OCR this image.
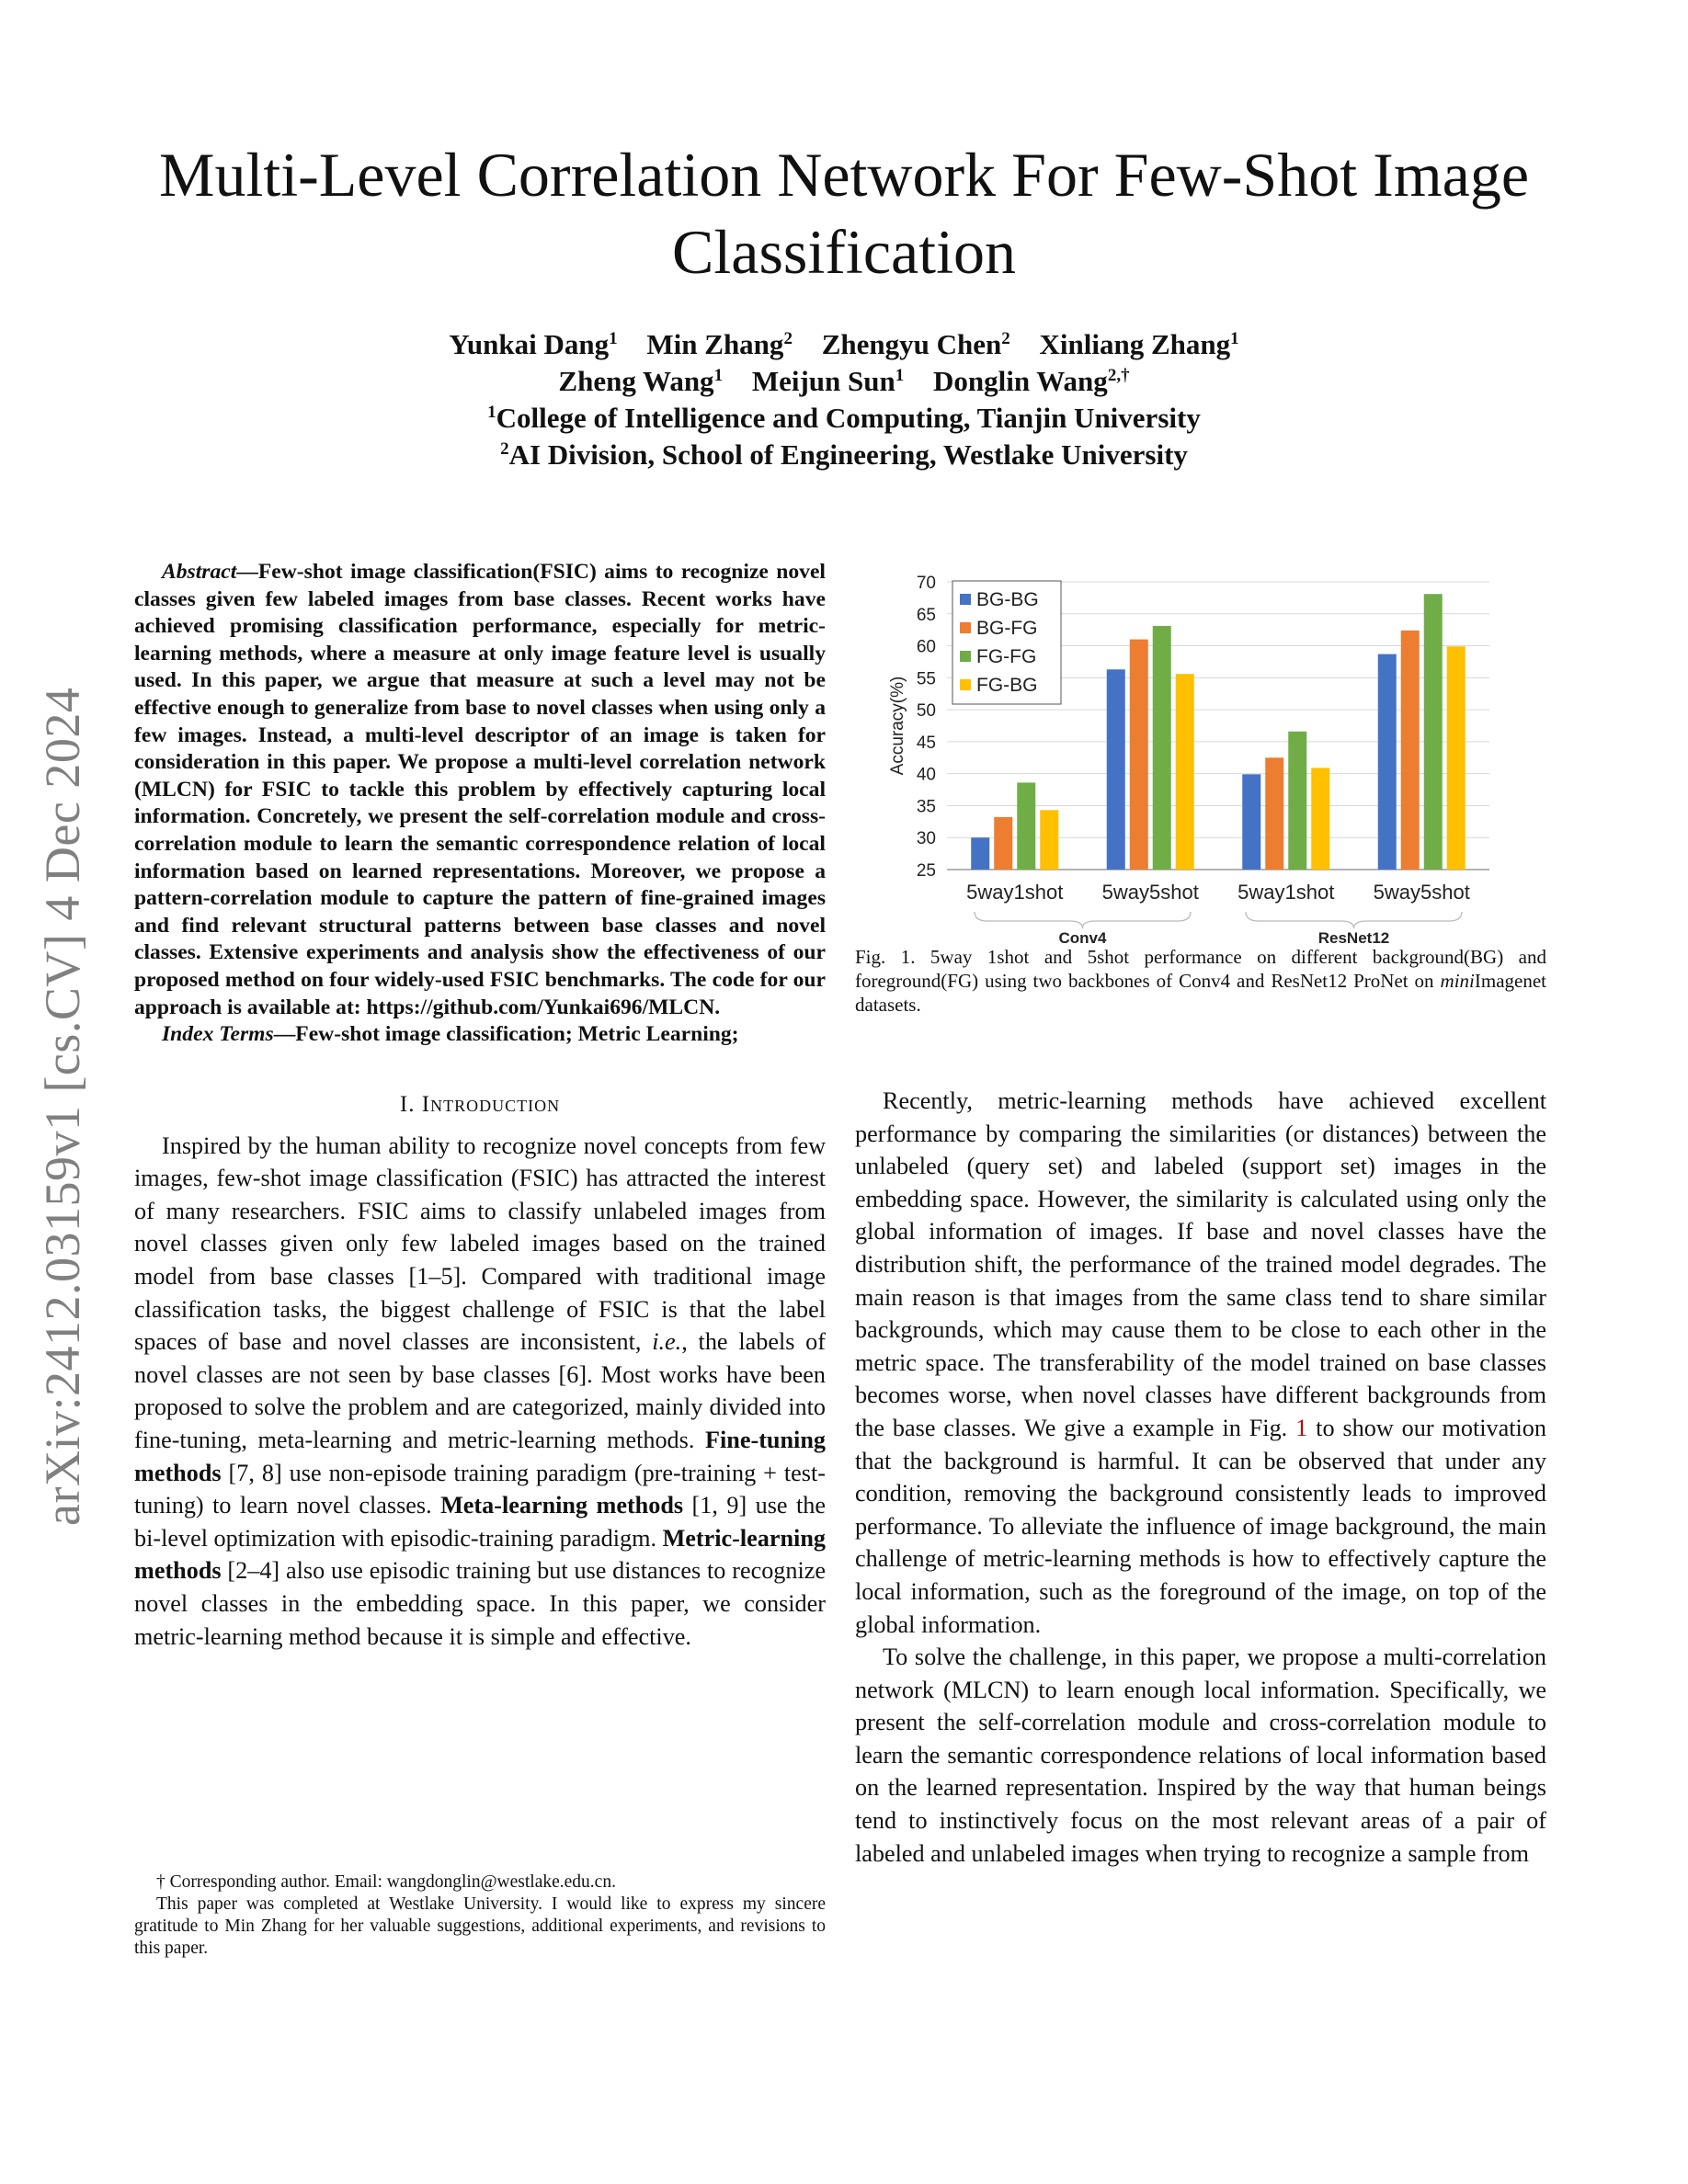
arXiv:2412.03159v1 [cs.CV] 4 Dec 2024
Multi-Level Correlation Network For Few-Shot Image Classification
Yunkai Dang$^1$ Min Zhang$^2$ Zhengyu Chen$^2$ Xinliang Zhang$^1$
Zheng Wang$^1$ Meijun Sun$^1$ Donglin Wang$^{2,\dagger}$
$^1$College of Intelligence and Computing, Tianjin University
$^2$AI Division, School of Engineering, Westlake University

Abstract—Few-shot image classification(FSIC) aims to recognize novel classes given few labeled images from base classes. Recent works have achieved promising classification performance, especially for metric-learning methods, where a measure at only image feature level is usually used. In this paper, we argue that measure at such a level may not be effective enough to generalize from base to novel classes when using only a few images. Instead, a multi-level descriptor of an image is taken for consideration in this paper. We propose a multi-level correlation network (MLCN) for FSIC to tackle this problem by effectively capturing local information. Concretely, we present the self-correlation module and cross-correlation module to learn the semantic correspondence relation of local information based on learned representations. Moreover, we propose a pattern-correlation module to capture the pattern of fine-grained images and find relevant structural patterns between base classes and novel classes. Extensive experiments and analysis show the effectiveness of our proposed method on four widely-used FSIC benchmarks. The code for our approach is available at: https://github.com/Yunkai696/MLCN.

Index Terms—Few-shot image classification; Metric Learning;

I. Introduction

Inspired by the human ability to recognize novel concepts from few images, few-shot image classification (FSIC) has attracted the interest of many researchers. FSIC aims to classify unlabeled images from novel classes given only few labeled images based on the trained model from base classes [1–5]. Compared with traditional image classification tasks, the biggest challenge of FSIC is that the label spaces of base and novel classes are inconsistent, i.e., the labels of novel classes are not seen by base classes [6]. Most works have been proposed to solve the problem and are categorized, mainly divided into fine-tuning, meta-learning and metric-learning methods. Fine-tuning methods [7, 8] use non-episode training paradigm (pre-training + test-tuning) to learn novel classes. Meta-learning methods [1, 9] use the bi-level optimization with episodic-training paradigm. Metric-learning methods [2–4] also use episodic training but use distances to recognize novel classes in the embedding space. In this paper, we consider metric-learning method because it is simple and effective.

† Corresponding author. Email: wangdonglin@westlake.edu.cn.

This paper was completed at Westlake University. I would like to express my sincere gratitude to Min Zhang for her valuable suggestions, additional experiments, and revisions to this paper.

25
30
35
40
45
50
55
60
65
70
Accuracy(%)
5way1shot 5way5shot 5way1shot 5way5shot
Conv4	ResNet12
BG-BG
BG-FG
FG-FG
FG-BG
Fig. 1. 5way 1shot and 5shot performance on different background(BG) and foreground(FG) using two backbones of Conv4 and ResNet12 ProNet on miniImagenet datasets.

Recently, metric-learning methods have achieved excellent performance by comparing the similarities (or distances) between the unlabeled (query set) and labeled (support set) images in the embedding space. However, the similarity is calculated using only the global information of images. If base and novel classes have the distribution shift, the performance of the trained model degrades. The main reason is that images from the same class tend to share similar backgrounds, which may cause them to be close to each other in the metric space. The transferability of the model trained on base classes becomes worse, when novel classes have different backgrounds from the base classes. We give a example in Fig. 1 to show our motivation that the background is harmful. It can be observed that under any condition, removing the background consistently leads to improved performance. To alleviate the influence of image background, the main challenge of metric-learning methods is how to effectively capture the local information, such as the foreground of the image, on top of the global information.

To solve the challenge, in this paper, we propose a multi-correlation network (MLCN) to learn enough local information. Specifically, we present the self-correlation module and cross-correlation module to learn the semantic correspondence relations of local information based on the learned representation. Inspired by the way that human beings tend to instinctively focus on the most relevant areas of a pair of labeled and unlabeled images when trying to recognize a sample from
